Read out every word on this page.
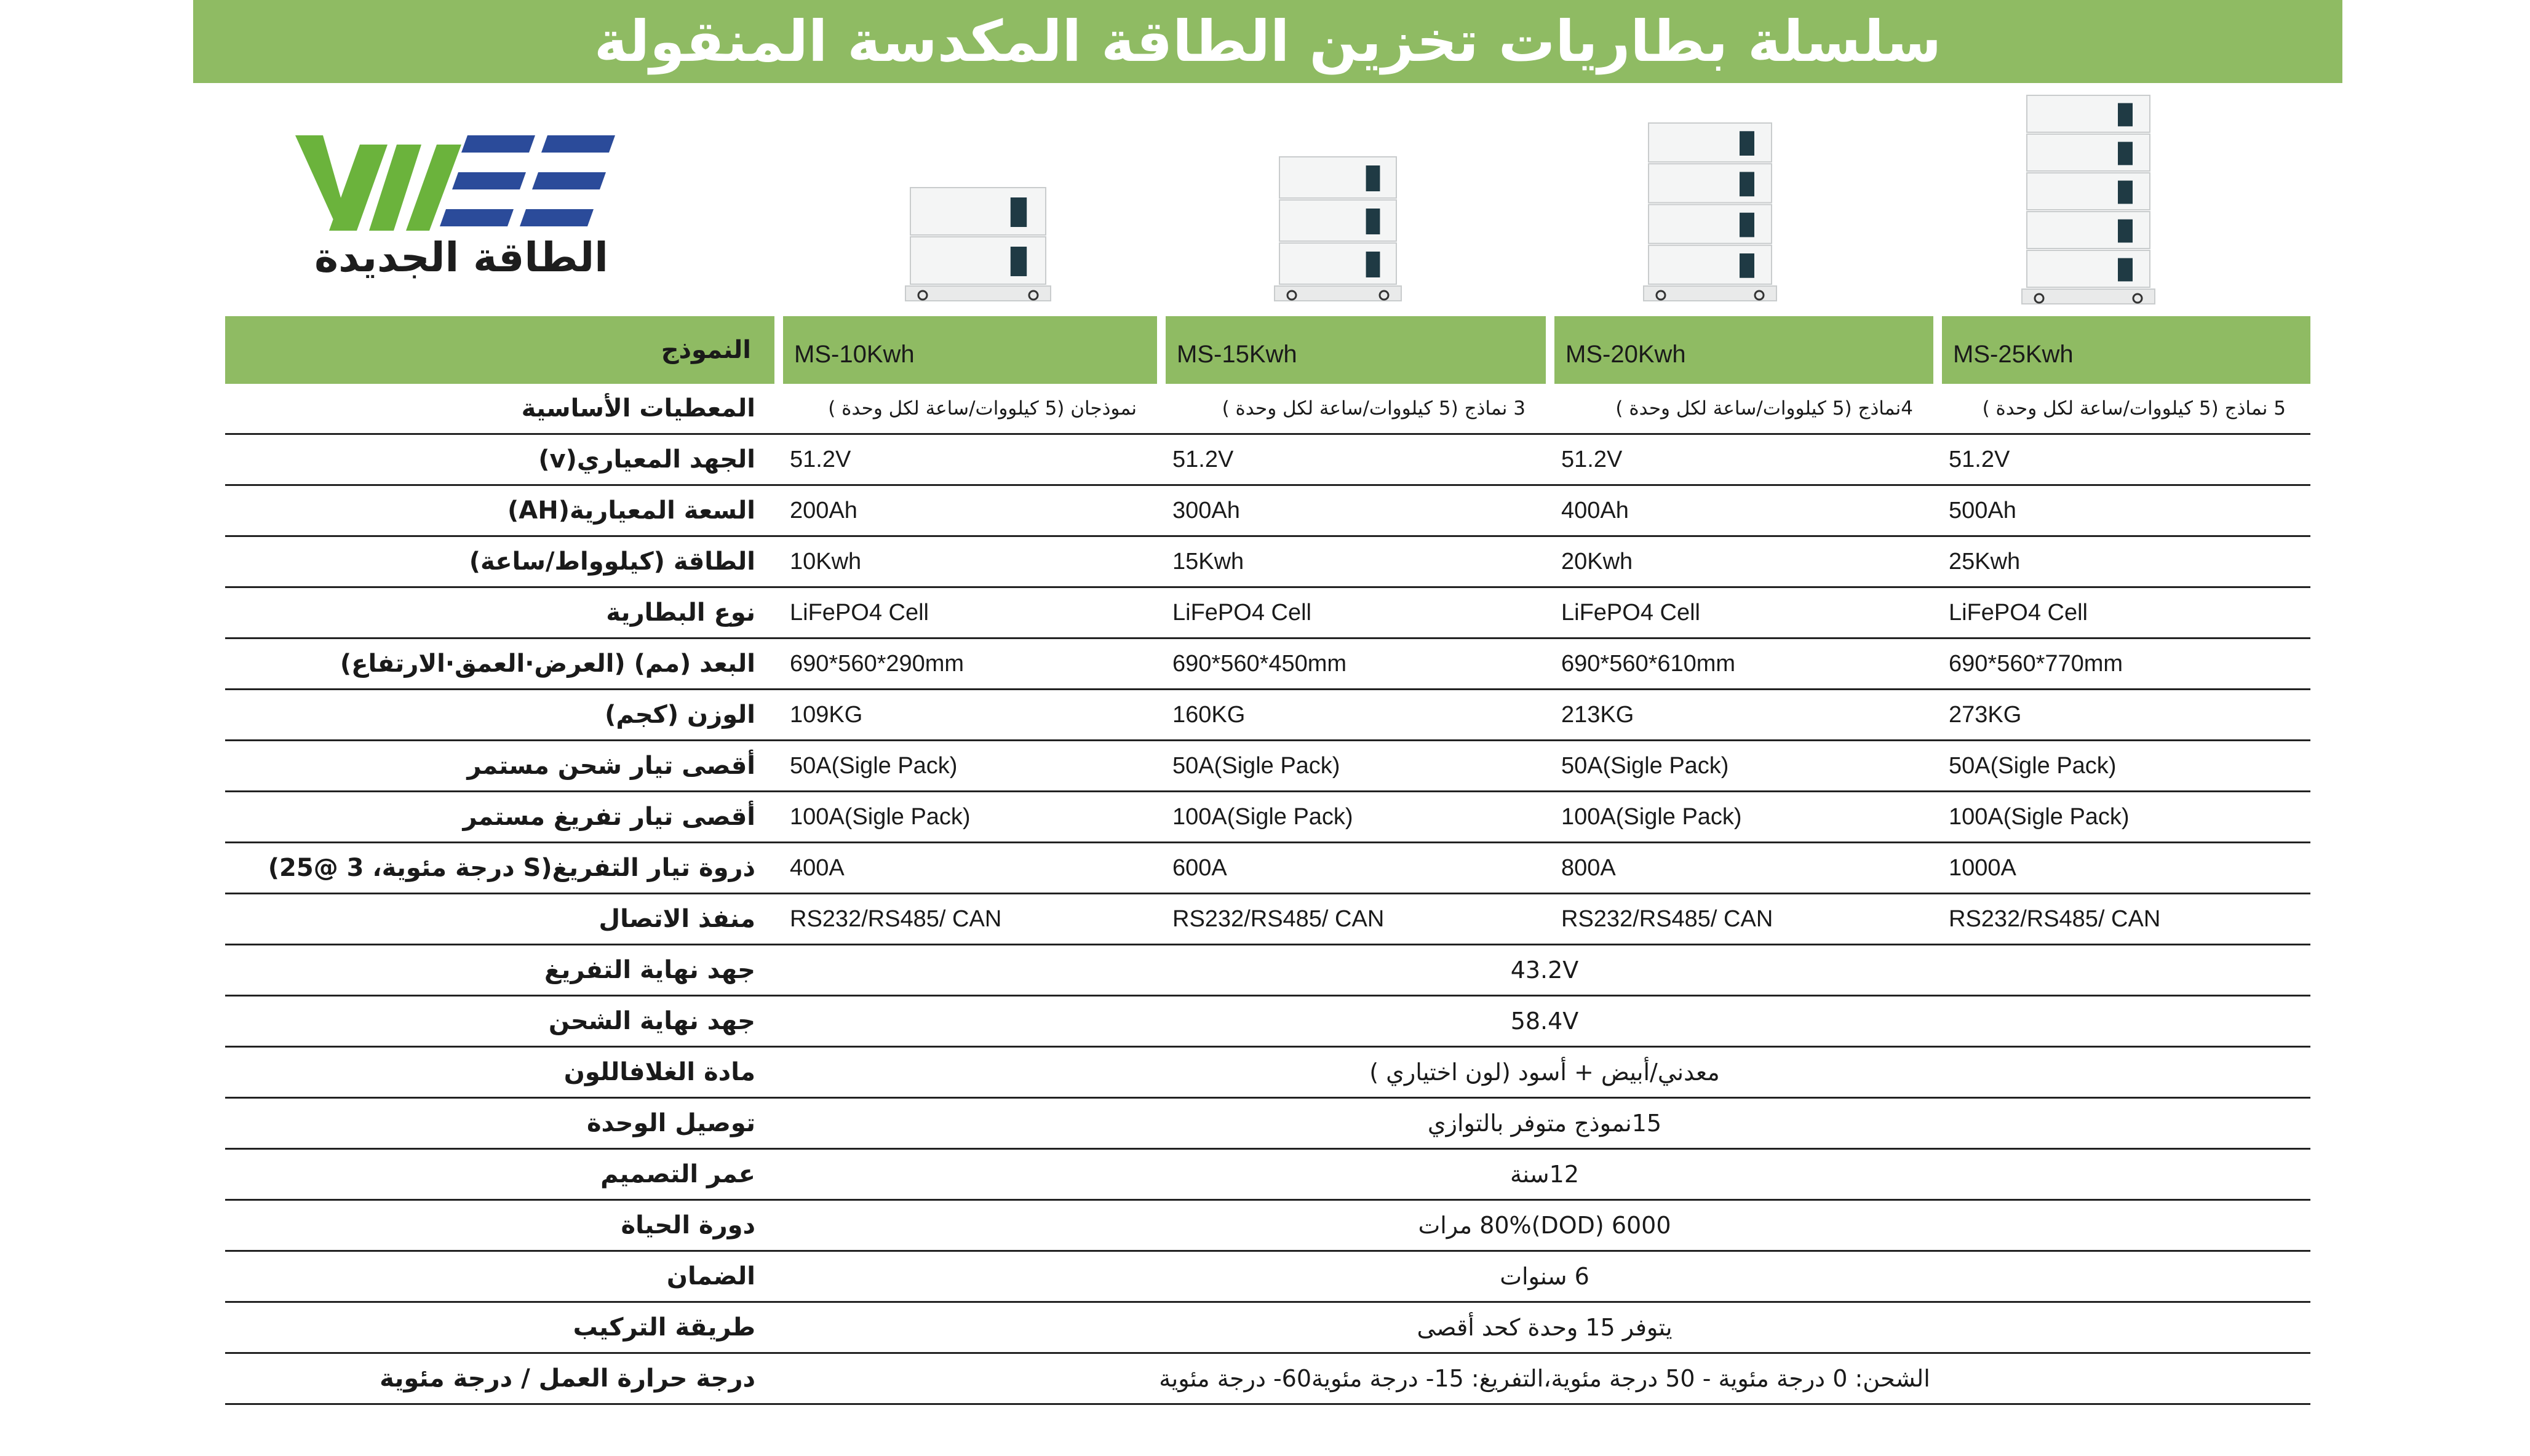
سلسلة بطاريات تخزين الطاقة المكدسة المنقولة
الطاقة الجديدة
النموذج	MS-10Kwh	MS-15Kwh	MS-20Kwh	MS-25Kwh
المعطيات الأساسية	نموذجان (5 كيلووات/ساعة لكل وحدة )	3 نماذج (5 كيلووات/ساعة لكل وحدة )	4نماذج (5 كيلووات/ساعة لكل وحدة )	5 نماذج (5 كيلووات/ساعة لكل وحدة )
الجهد المعياري(v)	51.2V	51.2V	51.2V	51.2V
السعة المعيارية(AH)	200Ah	300Ah	400Ah	500Ah
الطاقة (كيلوواط/ساعة)	10Kwh	15Kwh	20Kwh	25Kwh
نوع البطارية	LiFePO4 Cell	LiFePO4 Cell	LiFePO4 Cell	LiFePO4 Cell
البعد (مم) (العرض·العمق·الارتفاع)	690*560*290mm	690*560*450mm	690*560*610mm	690*560*770mm
الوزن (كجم)	109KG	160KG	213KG	273KG
أقصى تيار شحن مستمر	50A(Sigle Pack)	50A(Sigle Pack)	50A(Sigle Pack)	50A(Sigle Pack)
أقصى تيار تفريغ مستمر	100A(Sigle Pack)	100A(Sigle Pack)	100A(Sigle Pack)	100A(Sigle Pack)
ذروة تيار التفريغ(S درجة مئوية، 3 @25)	400A	600A	800A	1000A
منفذ الاتصال	RS232/RS485/ CAN	RS232/RS485/ CAN	RS232/RS485/ CAN	RS232/RS485/ CAN
جهد نهاية التفريغ	43.2V			
جهد نهاية الشحن	58.4V			
مادة الغلافاللون	معدني/أبيض + أسود (لون اختياري )			
توصيل الوحدة	15نموذج متوفر بالتوازي			
عمر التصميم	12سنة			
دورة الحياة	6000 (DOD)80% مرات			
الضمان	6 سنوات			
طريقة التركيب	يتوفر 15 وحدة كحد أقصى			
درجة حرارة العمل / درجة مئوية	الشحن: 0 درجة مئوية - 50 درجة مئوية،التفريغ: 15- درجة مئوية60- درجة مئوية			
